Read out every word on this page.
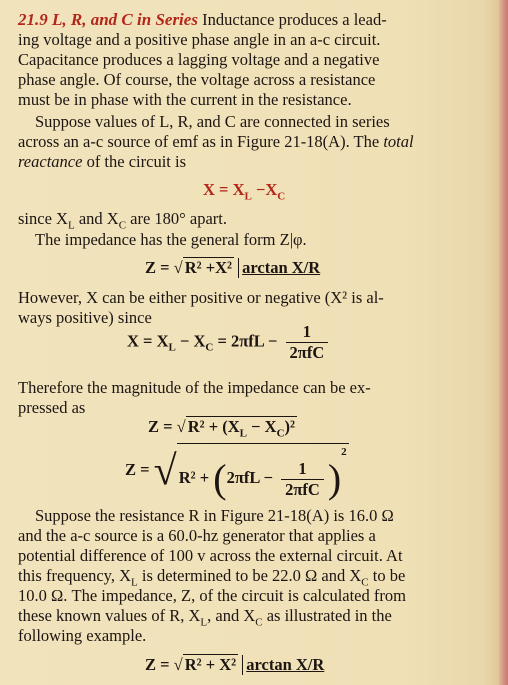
21.9 L, R, and C in Series Inductance produces a lead-
ing voltage and a positive phase angle in an a-c circuit.
Capacitance produces a lagging voltage and a negative
phase angle. Of course, the voltage across a resistance
must be in phase with the current in the resistance.
Suppose values of L, R, and C are connected in series
across an a-c source of emf as in Figure 21-18(A). The total
reactance of the circuit is
$X = X_L -X_C$
since $X_L$ and $X_C$ are 180° apart.
The impedance has the general form Z|φ.
Z = √ R² +X² arctan X/R
However, X can be either positive or negative (X² is al-
ways positive) since
$X = X_L - X_C = 2\pi fL - \frac{1}{\text{2πfC}}$
Therefore the magnitude of the impedance can be ex-
pressed as
Z = √ $R^2 + (X_L - X_C)^2$
Z = √ $R^2 + (2\pi fL - \frac{1}{\text{2πfC}} )^2$
Suppose the resistance R in Figure 21-18(A) is 16.0 Ω
and the a-c source is a 60.0-hz generator that applies a
potential difference of 100 v across the external circuit. At
this frequency, $X_L$ is determined to be 22.0 Ω and $X_C$ to be
10.0 Ω. The impedance, Z, of the circuit is calculated from
these known values of R, $X_L$, and $X_C$ as illustrated in the
following example.
Z = √ R² + X² arctan X/R
